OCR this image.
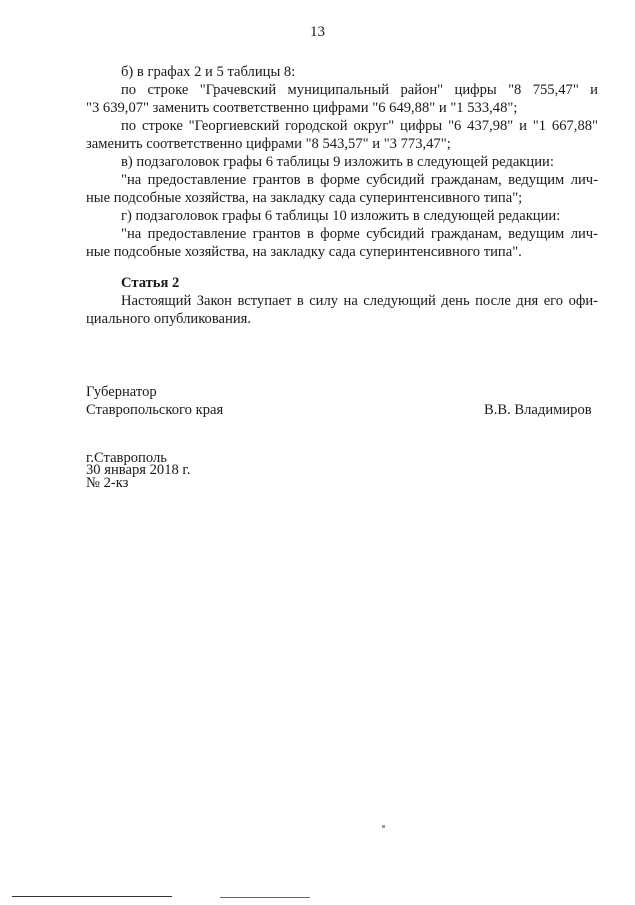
13
б) в графах 2 и 5 таблицы 8:
по строке "Грачевский муниципальный район" цифры "8 755,47" и
"3 639,07" заменить соответственно цифрами "6 649,88" и "1 533,48";
по строке "Георгиевский городской округ" цифры "6 437,98" и "1 667,88"
заменить соответственно цифрами "8 543,57" и "3 773,47";
в) подзаголовок графы 6 таблицы 9 изложить в следующей редакции:
"на предоставление грантов в форме субсидий гражданам, ведущим лич-
ные подсобные хозяйства, на закладку сада суперинтенсивного типа";
г) подзаголовок графы 6 таблицы 10 изложить в следующей редакции:
"на предоставление грантов в форме субсидий гражданам, ведущим лич-
ные подсобные хозяйства, на закладку сада суперинтенсивного типа".
Статья 2
Настоящий Закон вступает в силу на следующий день после дня его офи-
циального опубликования.
Губернатор
Ставропольского края	В.В. Владимиров
г.Ставрополь
30 января 2018 г.
№ 2-кз
